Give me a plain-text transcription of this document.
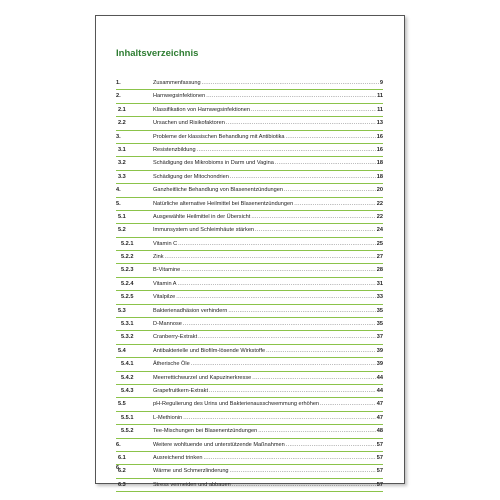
Inhaltsverzeichnis
1.	Zusammenfassung .....	9
2.	Harnwegsinfektionen .....	11
2.1	Klassifikation von Harnwegsinfektionen .....	11
2.2	Ursachen und Risikofaktoren .....	13
3.	Probleme der klassischen Behandlung mit Antibiotika .....	16
3.1	Resistenzbildung .....	16
3.2	Schädigung des Mikrobioms in Darm und Vagina .....	18
3.3	Schädigung der Mitochondrien .....	18
4.	Ganzheitliche Behandlung von Blasenentzündungen .....	20
5.	Natürliche alternative Heilmittel bei Blasenentzündungen .....	22
5.1	Ausgewählte Heilmittel in der Übersicht .....	22
5.2	Immunsystem und Schleimhäute stärken .....	24
5.2.1	Vitamin C .....	25
5.2.2	Zink .....	27
5.2.3	B-Vitamine .....	28
5.2.4	Vitamin A .....	31
5.2.5	Vitalpilze .....	33
5.3	Bakterienadhäsion verhindern .....	35
5.3.1	D-Mannose .....	35
5.3.2	Cranberry-Extrakt .....	37
5.4	Antibakterielle und Biofilm-lösende Wirkstoffe .....	39
5.4.1	Ätherische Öle .....	39
5.4.2	Meerrettichwurzel und Kapuzinerkresse .....	44
5.4.3	Grapefruitkern-Extrakt .....	44
5.5	pH-Regulierung des Urins und Bakterienausschwemmung erhöhen .....	47
5.5.1	L-Methionin .....	47
5.5.2	Tee-Mischungen bei Blasenentzündungen .....	48
6.	Weitere wohltuende und unterstützende Maßnahmen .....	57
6.1	Ausreichend trinken .....	57
6.2	Wärme und Schmerzlinderung .....	57
6.3	Stress vermeiden und abbauen .....	57
6
